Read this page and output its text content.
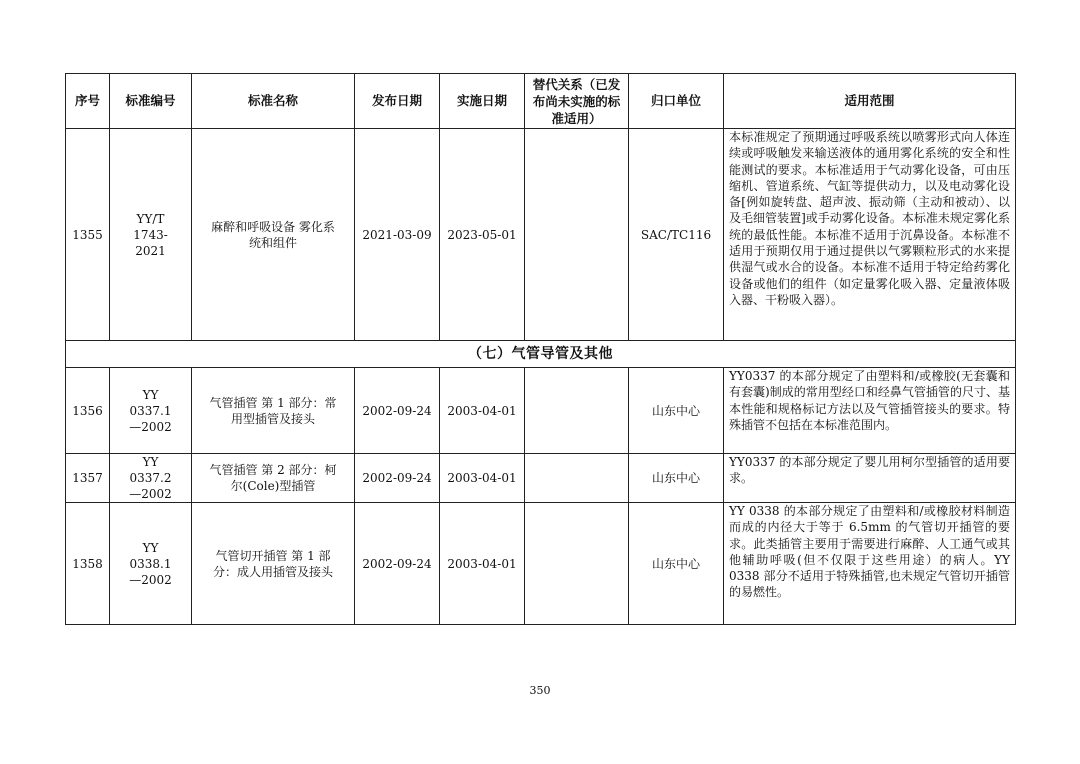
序号	标准编号	标准名称	发布日期	实施日期	替代关系（已发布尚未实施的标准适用）	归口单位	适用范围
1355	YY/T 1743-2021	麻醉和呼吸设备 雾化系统和组件	2021-03-09	2023-05-01		SAC/TC116	本标准规定了预期通过呼吸系统以喷雾形式向人体连续或呼吸触发来输送液体的通用雾化系统的安全和性能测试的要求。本标准适用于气动雾化设备，可由压缩机、管道系统、气缸等提供动力，以及电动雾化设备[例如旋转盘、超声波、振动筛（主动和被动）、以及毛细管装置]或手动雾化设备。本标准未规定雾化系统的最低性能。本标准不适用于沉鼻设备。本标准不适用于预期仅用于通过提供以气雾颗粒形式的水来提供湿气或水合的设备。本标准不适用于特定给药雾化设备或他们的组件（如定量雾化吸入器、定量液体吸入器、干粉吸入器）。
（七）气管导管及其他							
1356	YY 0337.1—2002	气管插管 第 1 部分：常用型插管及接头	2002-09-24	2003-04-01		山东中心	YY0337 的本部分规定了由塑料和/或橡胶(无套囊和有套囊)制成的常用型经口和经鼻气管插管的尺寸、基本性能和规格标记方法以及气管插管接头的要求。特殊插管不包括在本标准范围内。
1357	YY 0337.2—2002	气管插管 第 2 部分：柯尔(Cole)型插管	2002-09-24	2003-04-01		山东中心	YY0337 的本部分规定了婴儿用柯尔型插管的适用要求。
1358	YY 0338.1—2002	气管切开插管 第 1 部分：成人用插管及接头	2002-09-24	2003-04-01		山东中心	YY 0338 的本部分规定了由塑料和/或橡胶材料制造而成的内径大于等于 6.5mm 的气管切开插管的要求。此类插管主要用于需要进行麻醉、人工通气或其他辅助呼吸(但不仅限于这些用途）的病人。YY 0338 部分不适用于特殊插管,也未规定气管切开插管的易燃性。
350
